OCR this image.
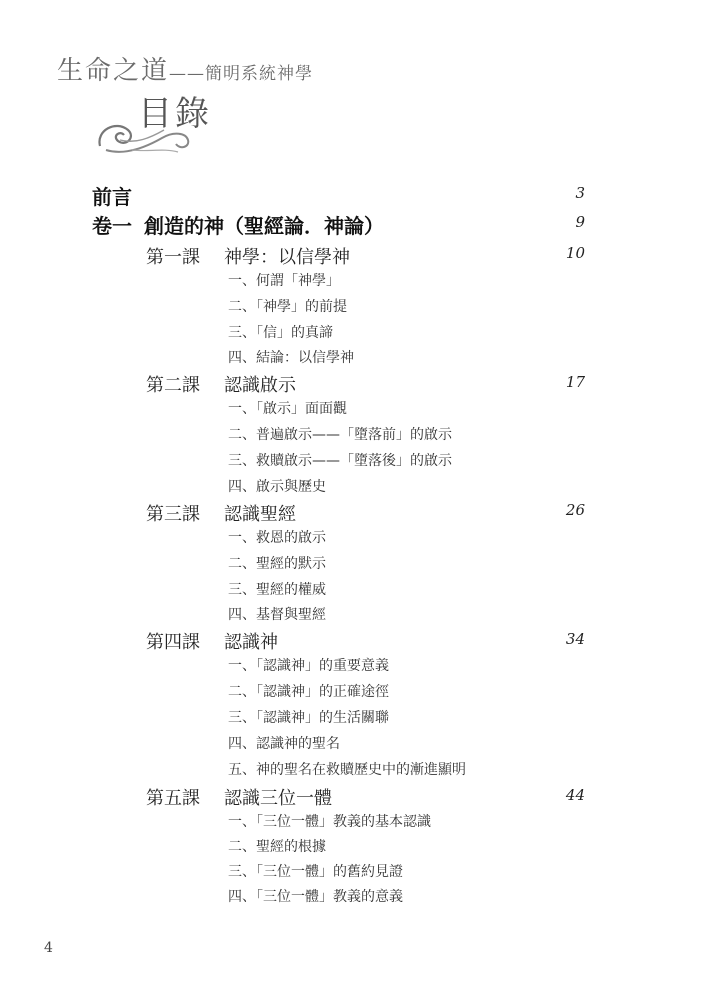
生命之道——簡明系統神學
目錄
前言	3
卷一 創造的神（聖經論．神論）	9
第一課 神學：以信學神	10
一、何謂「神學」
二、「神學」的前提
三、「信」的真諦
四、結論：以信學神
第二課 認識啟示	17
一、「啟示」面面觀
二、普遍啟示——「墮落前」的啟示
三、救贖啟示——「墮落後」的啟示
四、啟示與歷史
第三課 認識聖經	26
一、救恩的啟示
二、聖經的默示
三、聖經的權威
四、基督與聖經
第四課 認識神	34
一、「認識神」的重要意義
二、「認識神」的正確途徑
三、「認識神」的生活關聯
四、認識神的聖名
五、神的聖名在救贖歷史中的漸進顯明
第五課 認識三位一體	44
一、「三位一體」教義的基本認識
二、聖經的根據
三、「三位一體」的舊約見證
四、「三位一體」教義的意義
4
